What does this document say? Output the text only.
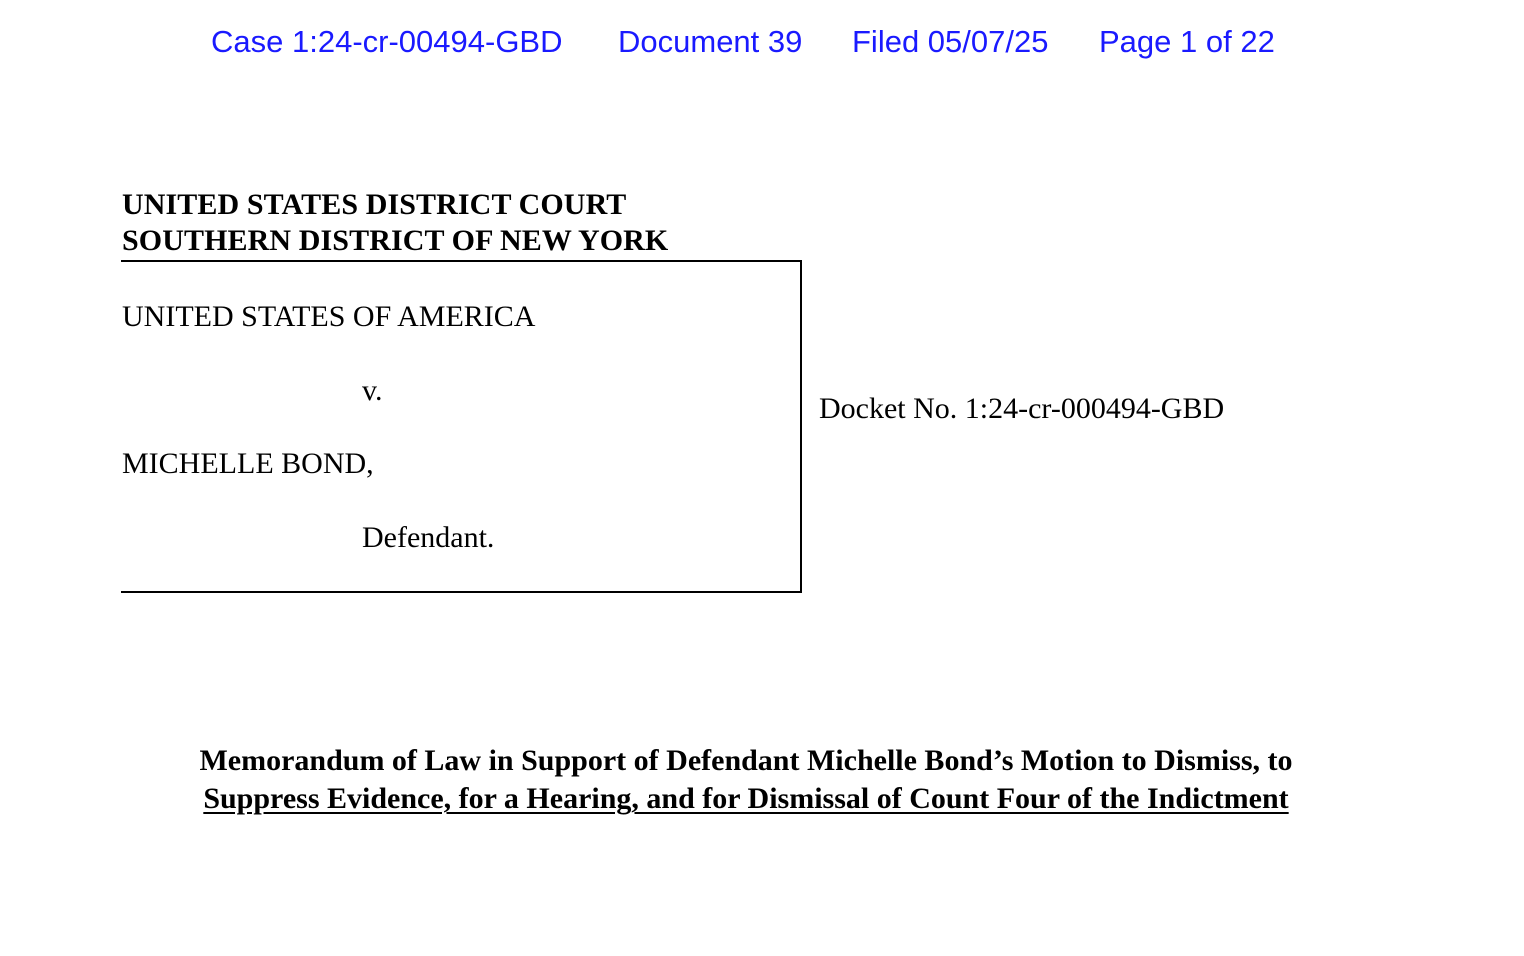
Case 1:24-cr-00494-GBD Document 39 Filed 05/07/25 Page 1 of 22
UNITED STATES DISTRICT COURT
SOUTHERN DISTRICT OF NEW YORK
UNITED STATES OF AMERICA
v.
MICHELLE BOND,
Defendant.
Docket No. 1:24-cr-000494-GBD
Memorandum of Law in Support of Defendant Michelle Bond’s Motion to Dismiss, to
Suppress Evidence, for a Hearing, and for Dismissal of Count Four of the Indictment
